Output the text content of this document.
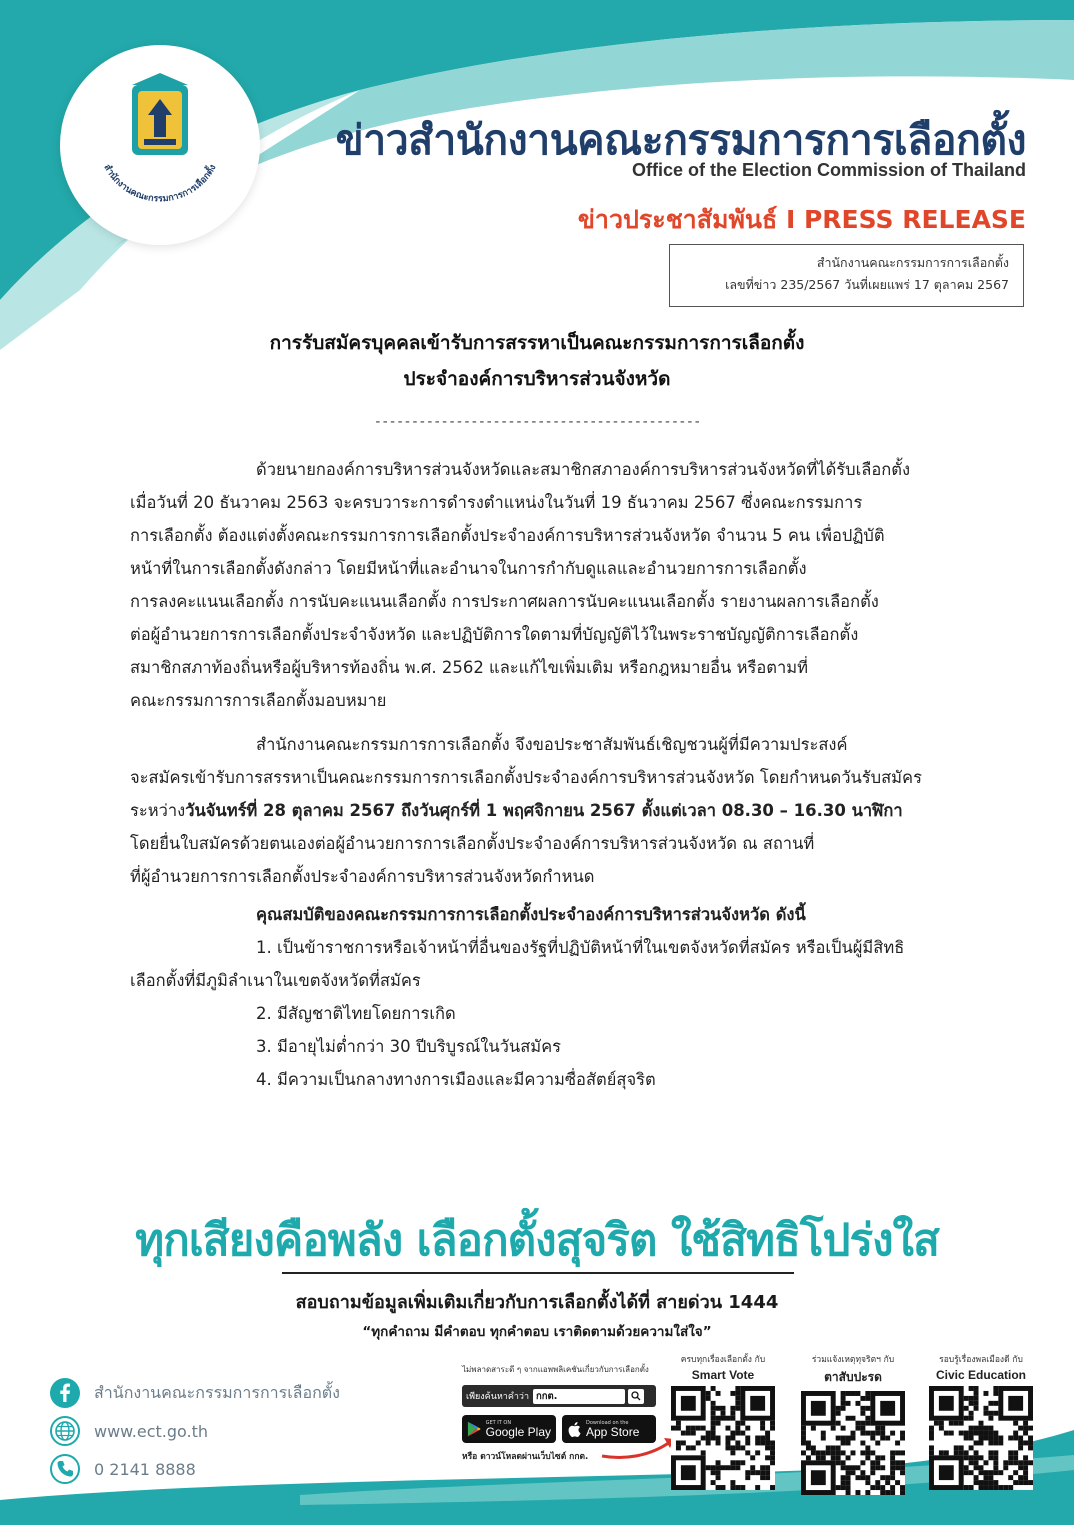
สำนักงานคณะกรรมการการเลือกตั้ง
ข่าวสำนักงานคณะกรรมการการเลือกตั้ง
Office of the Election Commission of Thailand
ข่าวประชาสัมพันธ์ I PRESS RELEASE
สำนักงานคณะกรรมการการเลือกตั้ง
เลขที่ข่าว 235/2567 วันที่เผยแพร่ 17 ตุลาคม 2567
การรับสมัครบุคคลเข้ารับการสรรหาเป็นคณะกรรมการการเลือกตั้ง
ประจำองค์การบริหารส่วนจังหวัด
--------------------------------------------
ด้วยนายกองค์การบริหารส่วนจังหวัดและสมาชิกสภาองค์การบริหารส่วนจังหวัดที่ได้รับเลือกตั้ง
เมื่อวันที่ 20 ธันวาคม 2563 จะครบวาระการดำรงตำแหน่งในวันที่ 19 ธันวาคม 2567 ซึ่งคณะกรรมการ
การเลือกตั้ง ต้องแต่งตั้งคณะกรรมการการเลือกตั้งประจำองค์การบริหารส่วนจังหวัด จำนวน 5 คน เพื่อปฏิบัติ
หน้าที่ในการเลือกตั้งดังกล่าว โดยมีหน้าที่และอำนาจในการกำกับดูแลและอำนวยการการเลือกตั้ง
การลงคะแนนเลือกตั้ง การนับคะแนนเลือกตั้ง การประกาศผลการนับคะแนนเลือกตั้ง รายงานผลการเลือกตั้ง
ต่อผู้อำนวยการการเลือกตั้งประจำจังหวัด และปฏิบัติการใดตามที่บัญญัติไว้ในพระราชบัญญัติการเลือกตั้ง
สมาชิกสภาท้องถิ่นหรือผู้บริหารท้องถิ่น พ.ศ. 2562 และแก้ไขเพิ่มเติม หรือกฎหมายอื่น หรือตามที่
คณะกรรมการการเลือกตั้งมอบหมาย
สำนักงานคณะกรรมการการเลือกตั้ง จึงขอประชาสัมพันธ์เชิญชวนผู้ที่มีความประสงค์
จะสมัครเข้ารับการสรรหาเป็นคณะกรรมการการเลือกตั้งประจำองค์การบริหารส่วนจังหวัด โดยกำหนดวันรับสมัคร
ระหว่างวันจันทร์ที่ 28 ตุลาคม 2567 ถึงวันศุกร์ที่ 1 พฤศจิกายน 2567 ตั้งแต่เวลา 08.30 – 16.30 นาฬิกา
โดยยื่นใบสมัครด้วยตนเองต่อผู้อำนวยการการเลือกตั้งประจำองค์การบริหารส่วนจังหวัด ณ สถานที่
ที่ผู้อำนวยการการเลือกตั้งประจำองค์การบริหารส่วนจังหวัดกำหนด
คุณสมบัติของคณะกรรมการการเลือกตั้งประจำองค์การบริหารส่วนจังหวัด ดังนี้
1. เป็นข้าราชการหรือเจ้าหน้าที่อื่นของรัฐที่ปฏิบัติหน้าที่ในเขตจังหวัดที่สมัคร หรือเป็นผู้มีสิทธิ
เลือกตั้งที่มีภูมิลำเนาในเขตจังหวัดที่สมัคร
2. มีสัญชาติไทยโดยการเกิด
3. มีอายุไม่ต่ำกว่า 30 ปีบริบูรณ์ในวันสมัคร
4. มีความเป็นกลางทางการเมืองและมีความซื่อสัตย์สุจริต
ทุกเสียงคือพลัง เลือกตั้งสุจริต ใช้สิทธิโปร่งใส
สอบถามข้อมูลเพิ่มเติมเกี่ยวกับการเลือกตั้งได้ที่ สายด่วน 1444
“ทุกคำถาม มีคำตอบ ทุกคำตอบ เราติดตามด้วยความใส่ใจ”
สำนักงานคณะกรรมการการเลือกตั้ง
www.ect.go.th
0 2141 8888
ไม่พลาดสาระดี ๆ จากแอพพลิเคชันเกี่ยวกับการเลือกตั้ง
เพียงค้นหาคำว่า กกต.
GET IT ON
Google Play
Download on the
App Store
หรือ ดาวน์โหลดผ่านเว็บไซต์ กกต.
ครบทุกเรื่องเลือกตั้ง กับ
Smart Vote
ร่วมแจ้งเหตุทุจริตฯ กับ
ตาสับปะรด
รอบรู้เรื่องพลเมืองดี กับ
Civic Education
